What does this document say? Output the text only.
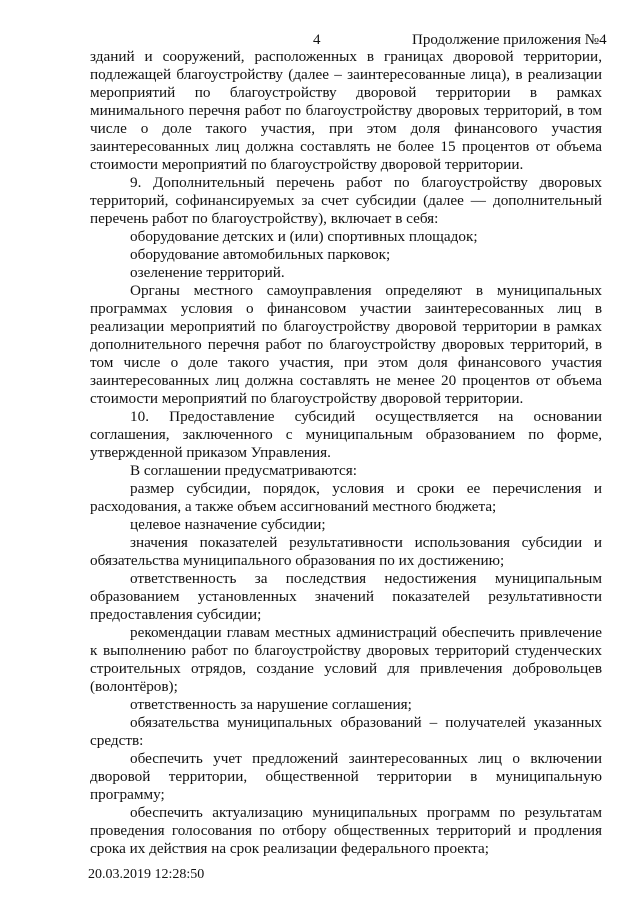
4	Продолжение приложения №4

зданий и сооружений, расположенных в границах дворовой территории, подлежащей благоустройству (далее – заинтересованные лица), в реализации мероприятий по благоустройству дворовой территории в рамках минимального перечня работ по благоустройству дворовых территорий, в том числе о доле такого участия, при этом доля финансового участия заинтересованных лиц должна составлять не более 15 процентов от объема стоимости мероприятий по благоустройству дворовой территории.

9. Дополнительный перечень работ по благоустройству дворовых территорий, софинансируемых за счет субсидии (далее — дополнительный перечень работ по благоустройству), включает в себя:

оборудование детских и (или) спортивных площадок;

оборудование автомобильных парковок;

озеленение территорий.

Органы местного самоуправления определяют в муниципальных программах условия о финансовом участии заинтересованных лиц в реализации мероприятий по благоустройству дворовой территории в рамках дополнительного перечня работ по благоустройству дворовых территорий, в том числе о доле такого участия, при этом доля финансового участия заинтересованных лиц должна составлять не менее 20 процентов от объема стоимости мероприятий по благоустройству дворовой территории.

10. Предоставление субсидий осуществляется на основании соглашения, заключенного с муниципальным образованием по форме, утвержденной приказом Управления.

В соглашении предусматриваются:

размер субсидии, порядок, условия и сроки ее перечисления и расходования, а также объем ассигнований местного бюджета;

целевое назначение субсидии;

значения показателей результативности использования субсидии и обязательства муниципального образования по их достижению;

ответственность за последствия недостижения муниципальным образованием установленных значений показателей результативности предоставления субсидии;

рекомендации главам местных администраций обеспечить привлечение к выполнению работ по благоустройству дворовых территорий студенческих строительных отрядов, создание условий для привлечения добровольцев (волонтёров);

ответственность за нарушение соглашения;

обязательства муниципальных образований – получателей указанных средств:

обеспечить учет предложений заинтересованных лиц о включении дворовой территории, общественной территории в муниципальную программу;

обеспечить актуализацию муниципальных программ по результатам проведения голосования по отбору общественных территорий и продления срока их действия на срок реализации федерального проекта;

20.03.2019 12:28:50
